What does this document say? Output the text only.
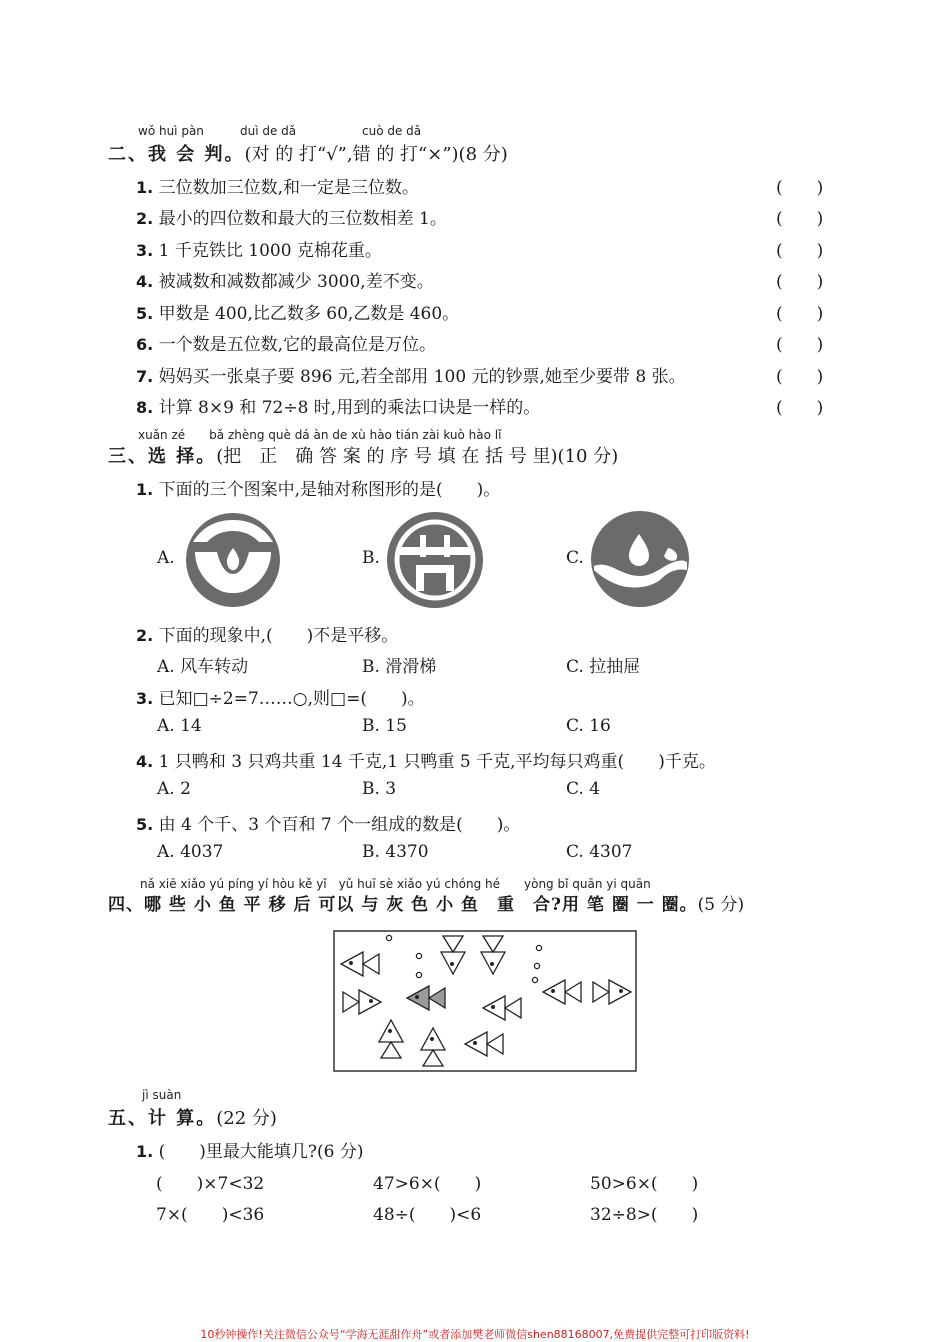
wǒ huì pàn	duì de dǎ	cuò de dǎ
二、我 会 判。(对 的 打“√”,错 的 打“×”)(8 分)
1. 三位数加三位数,和一定是三位数。	(　　)
2. 最小的四位数和最大的三位数相差 1。	(　　)
3. 1 千克铁比 1000 克棉花重。	(　　)
4. 被减数和减数都减少 3000,差不变。	(　　)
5. 甲数是 400,比乙数多 60,乙数是 460。	(　　)
6. 一个数是五位数,它的最高位是万位。	(　　)
7. 妈妈买一张桌子要 896 元,若全部用 100 元的钞票,她至少要带 8 张。	(　　)
8. 计算 8×9 和 72÷8 时,用到的乘法口诀是一样的。	(　　)
xuǎn zé　　bǎ zhèng què dá àn de xù hào tián zài kuò hào lǐ
三、选 择。(把　正　确 答 案 的 序 号 填 在 括 号 里)(10 分)
1. 下面的三个图案中,是轴对称图形的是(　　)。
A.	B.	C.
2. 下面的现象中,(　　)不是平移。
A. 风车转动	B. 滑滑梯	C. 拉抽屉
3. 已知□÷2=7……○,则□=(　　)。
A. 14	B. 15	C. 16
4. 1 只鸭和 3 只鸡共重 14 千克,1 只鸭重 5 千克,平均每只鸡重(　　)千克。
A. 2	B. 3	C. 4
5. 由 4 个千、3 个百和 7 个一组成的数是(　　)。
A. 4037	B. 4370	C. 4307
nǎ xiē xiǎo yú píng yí hòu kě yǐ　yǔ huī sè xiǎo yú chóng hé　　yòng bǐ quān yi quān
四、哪 些 小 鱼 平 移 后 可以 与 灰 色 小 鱼　重　合?用 笔 圈 一 圈。(5 分)
jì suàn
五、计 算。(22 分)
1. (　　)里最大能填几?(6 分)
(　　)×7<32	47>6×(　　)	50>6×(　　)
7×(　　)<36	48÷(　　)<6	32÷8>(　　)
10秒钟操作!关注微信公众号“学海无涯甜作舟”或者添加樊老师微信shen88168007,免费提供完整可打印版资料!
